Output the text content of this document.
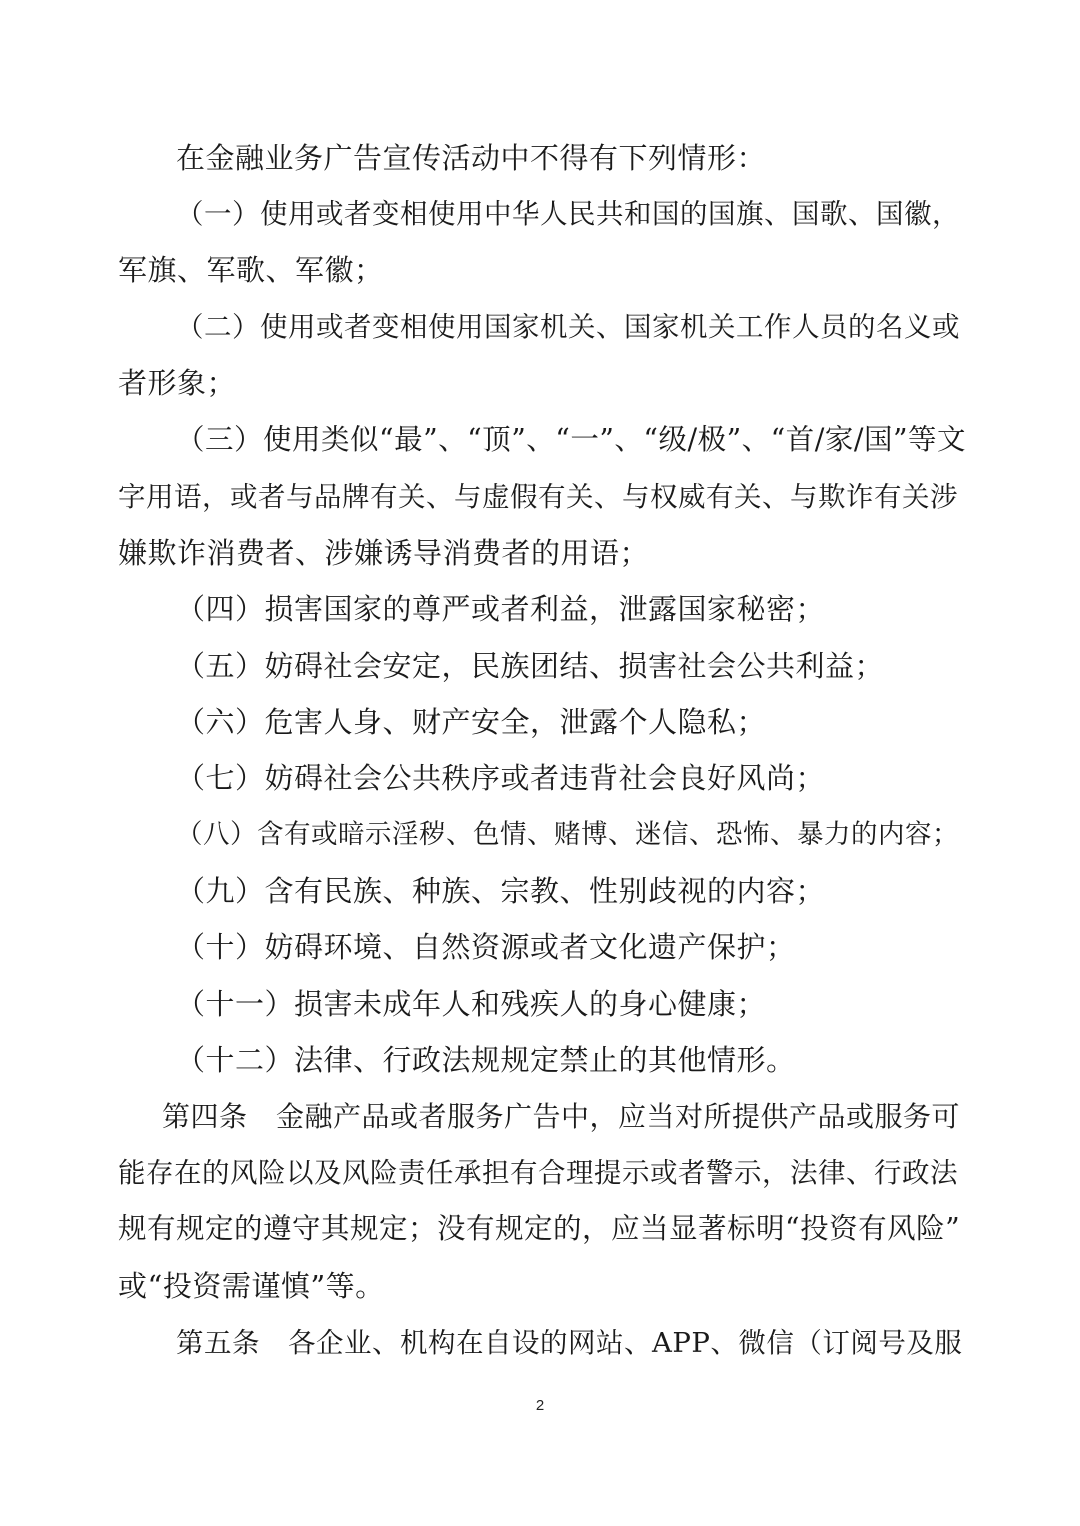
在金融业务广告宣传活动中不得有下列情形：
（一）使用或者变相使用中华人民共和国的国旗、国歌、国徽，
军旗、军歌、军徽；
（二）使用或者变相使用国家机关、国家机关工作人员的名义或
者形象；
（三）使用类似“最”、“顶”、“一”、“级/极”、“首/家/国”等文
字用语，或者与品牌有关、与虚假有关、与权威有关、与欺诈有关涉
嫌欺诈消费者、涉嫌诱导消费者的用语；
（四）损害国家的尊严或者利益，泄露国家秘密；
（五）妨碍社会安定，民族团结、损害社会公共利益；
（六）危害人身、财产安全，泄露个人隐私；
（七）妨碍社会公共秩序或者违背社会良好风尚；
（八）含有或暗示淫秽、色情、赌博、迷信、恐怖、暴力的内容；
（九）含有民族、种族、宗教、性别歧视的内容；
（十）妨碍环境、自然资源或者文化遗产保护；
（十一）损害未成年人和残疾人的身心健康；
（十二）法律、行政法规规定禁止的其他情形。
第四条　金融产品或者服务广告中，应当对所提供产品或服务可
能存在的风险以及风险责任承担有合理提示或者警示，法律、行政法
规有规定的遵守其规定；没有规定的，应当显著标明“投资有风险”
或“投资需谨慎”等。
第五条　各企业、机构在自设的网站、APP、微信（订阅号及服
2
